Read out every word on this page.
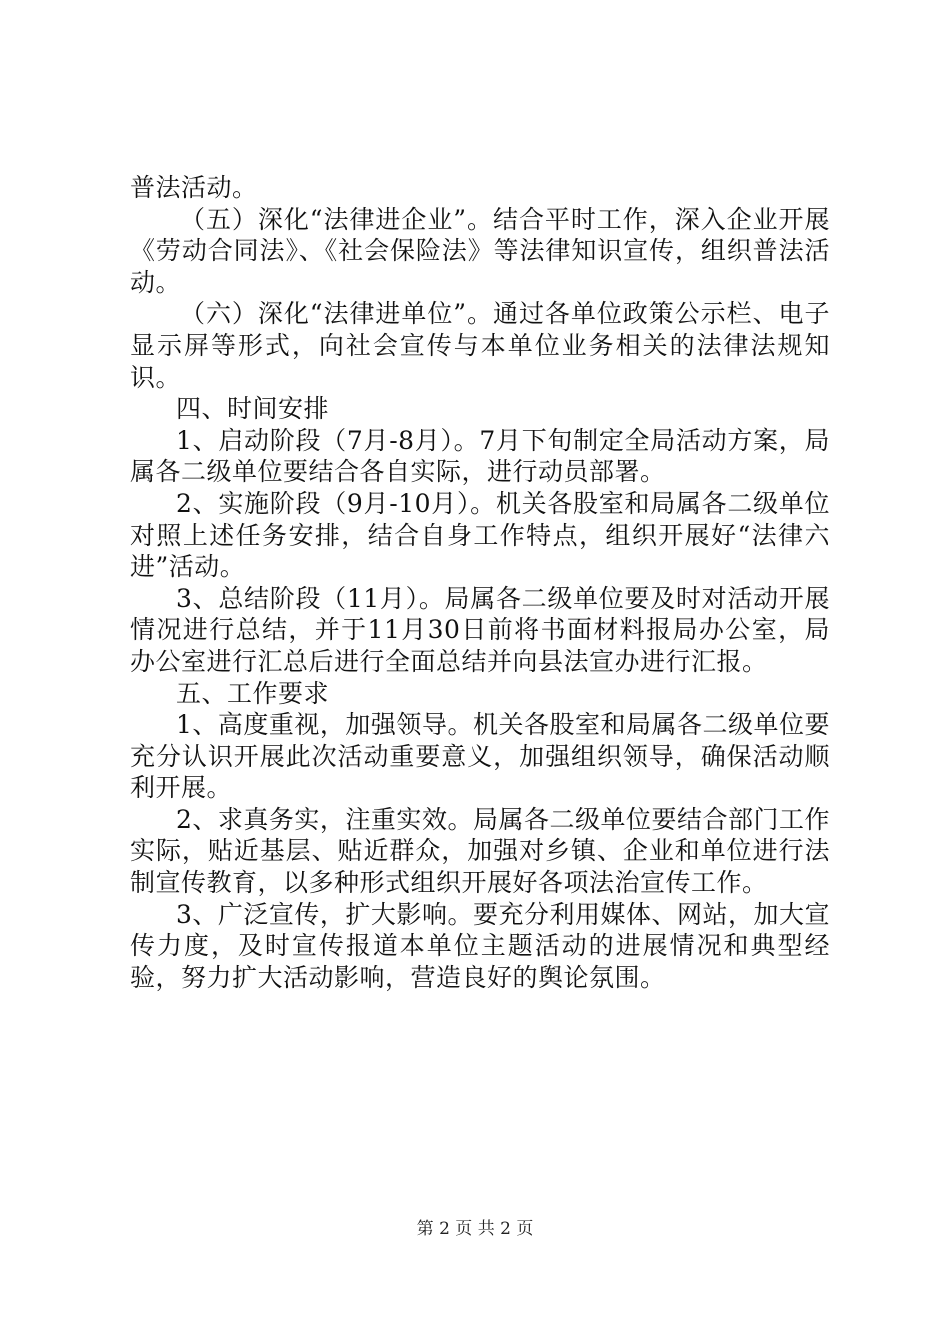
普法活动。

（五）深化“法律进企业”。结合平时工作，深入企业开展《劳动合同法》、《社会保险法》等法律知识宣传，组织普法活动。

（六）深化“法律进单位”。通过各单位政策公示栏、电子显示屏等形式，向社会宣传与本单位业务相关的法律法规知识。

四、时间安排

1、启动阶段（7月-8月）。7月下旬制定全局活动方案，局属各二级单位要结合各自实际，进行动员部署。

2、实施阶段（9月-10月）。机关各股室和局属各二级单位对照上述任务安排，结合自身工作特点，组织开展好“法律六进”活动。

3、总结阶段（11月）。局属各二级单位要及时对活动开展情况进行总结，并于11月30日前将书面材料报局办公室，局办公室进行汇总后进行全面总结并向县法宣办进行汇报。

五、工作要求

1、高度重视，加强领导。机关各股室和局属各二级单位要充分认识开展此次活动重要意义，加强组织领导，确保活动顺利开展。

2、求真务实，注重实效。局属各二级单位要结合部门工作实际，贴近基层、贴近群众，加强对乡镇、企业和单位进行法制宣传教育，以多种形式组织开展好各项法治宣传工作。

3、广泛宣传，扩大影响。要充分利用媒体、网站，加大宣传力度，及时宣传报道本单位主题活动的进展情况和典型经验，努力扩大活动影响，营造良好的舆论氛围。

第 2 页 共 2 页
